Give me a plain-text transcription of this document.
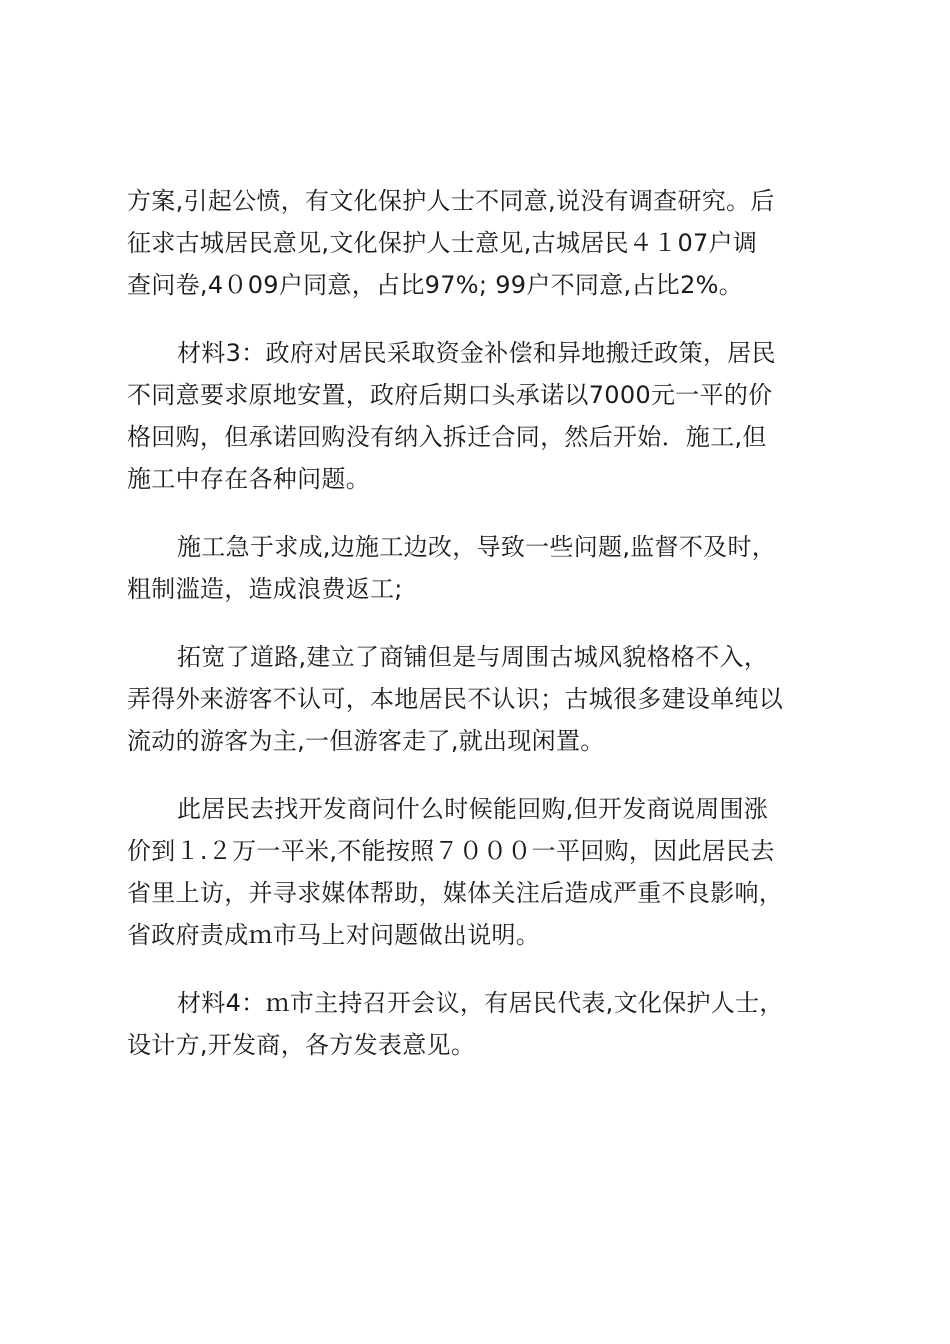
方案,引起公愤，有文化保护人士不同意,说没有调查研究。后
征求古城居民意见,文化保护人士意见,古城居民４１07户调
查问卷,4０09户同意，占比97%; 99户不同意,占比2%。

材料3：政府对居民采取资金补偿和异地搬迁政策，居民
不同意要求原地安置，政府后期口头承诺以7000元一平的价
格回购，但承诺回购没有纳入拆迁合同，然后开始．施工,但
施工中存在各种问题。

施工急于求成,边施工边改，导致一些问题,监督不及时，
粗制滥造，造成浪费返工;

拓宽了道路,建立了商铺但是与周围古城风貌格格不入，
弄得外来游客不认可，本地居民不认识；古城很多建设单纯以
流动的游客为主,一但游客走了,就出现闲置。

此居民去找开发商问什么时候能回购,但开发商说周围涨
价到１.２万一平米,不能按照７０００一平回购，因此居民去
省里上访，并寻求媒体帮助，媒体关注后造成严重不良影响，
省政府责成ｍ市马上对问题做出说明。

材料4：ｍ市主持召开会议，有居民代表,文化保护人士，
设计方,开发商，各方发表意见。
